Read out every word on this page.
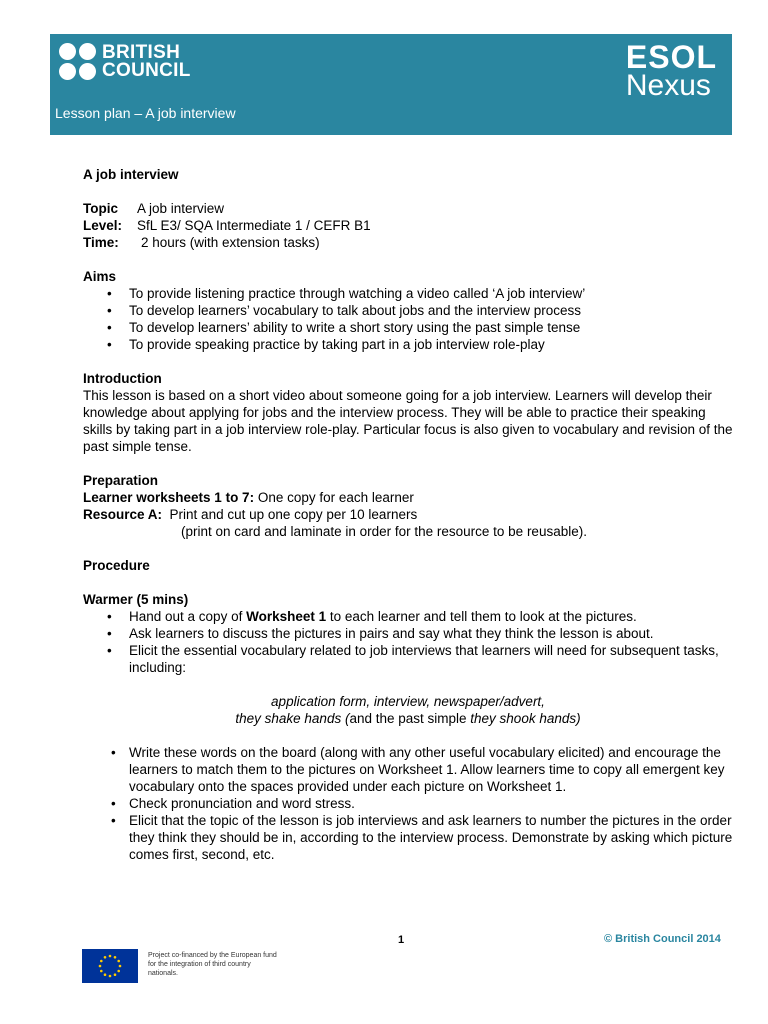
BRITISH
COUNCIL	ESOL
Nexus
Lesson plan – A job interview

A job interview

Topic	A job interview
Level:	SfL E3/ SQA Intermediate 1 / CEFR B1
Time:	2 hours (with extension tasks)

Aims

• To provide listening practice through watching a video called ‘A job interview’
• To develop learners’ vocabulary to talk about jobs and the interview process
• To develop learners’ ability to write a short story using the past simple tense
• To provide speaking practice by taking part in a job interview role-play

Introduction

This lesson is based on a short video about someone going for a job interview. Learners will develop their knowledge about applying for jobs and the interview process. They will be able to practice their speaking skills by taking part in a job interview role-play. Particular focus is also given to vocabulary and revision of the past simple tense.

Preparation

Learner worksheets 1 to 7: One copy for each learner

Resource A: Print and cut up one copy per 10 learners

(print on card and laminate in order for the resource to be reusable).

Procedure

Warmer (5 mins)

• Hand out a copy of Worksheet 1 to each learner and tell them to look at the pictures.
• Ask learners to discuss the pictures in pairs and say what they think the lesson is about.
• Elicit the essential vocabulary related to job interviews that learners will need for subsequent tasks, including:

application form, interview, newspaper/advert,

they shake hands (and the past simple they shook hands)

• Write these words on the board (along with any other useful vocabulary elicited) and encourage the learners to match them to the pictures on Worksheet 1. Allow learners time to copy all emergent key vocabulary onto the spaces provided under each picture on Worksheet 1.
• Check pronunciation and word stress.
• Elicit that the topic of the lesson is job interviews and ask learners to number the pictures in the order they think they should be in, according to the interview process. Demonstrate by asking which picture comes first, second, etc.
1	© British Council 2014
Project co-financed by the European fund for the integration of third country nationals.
